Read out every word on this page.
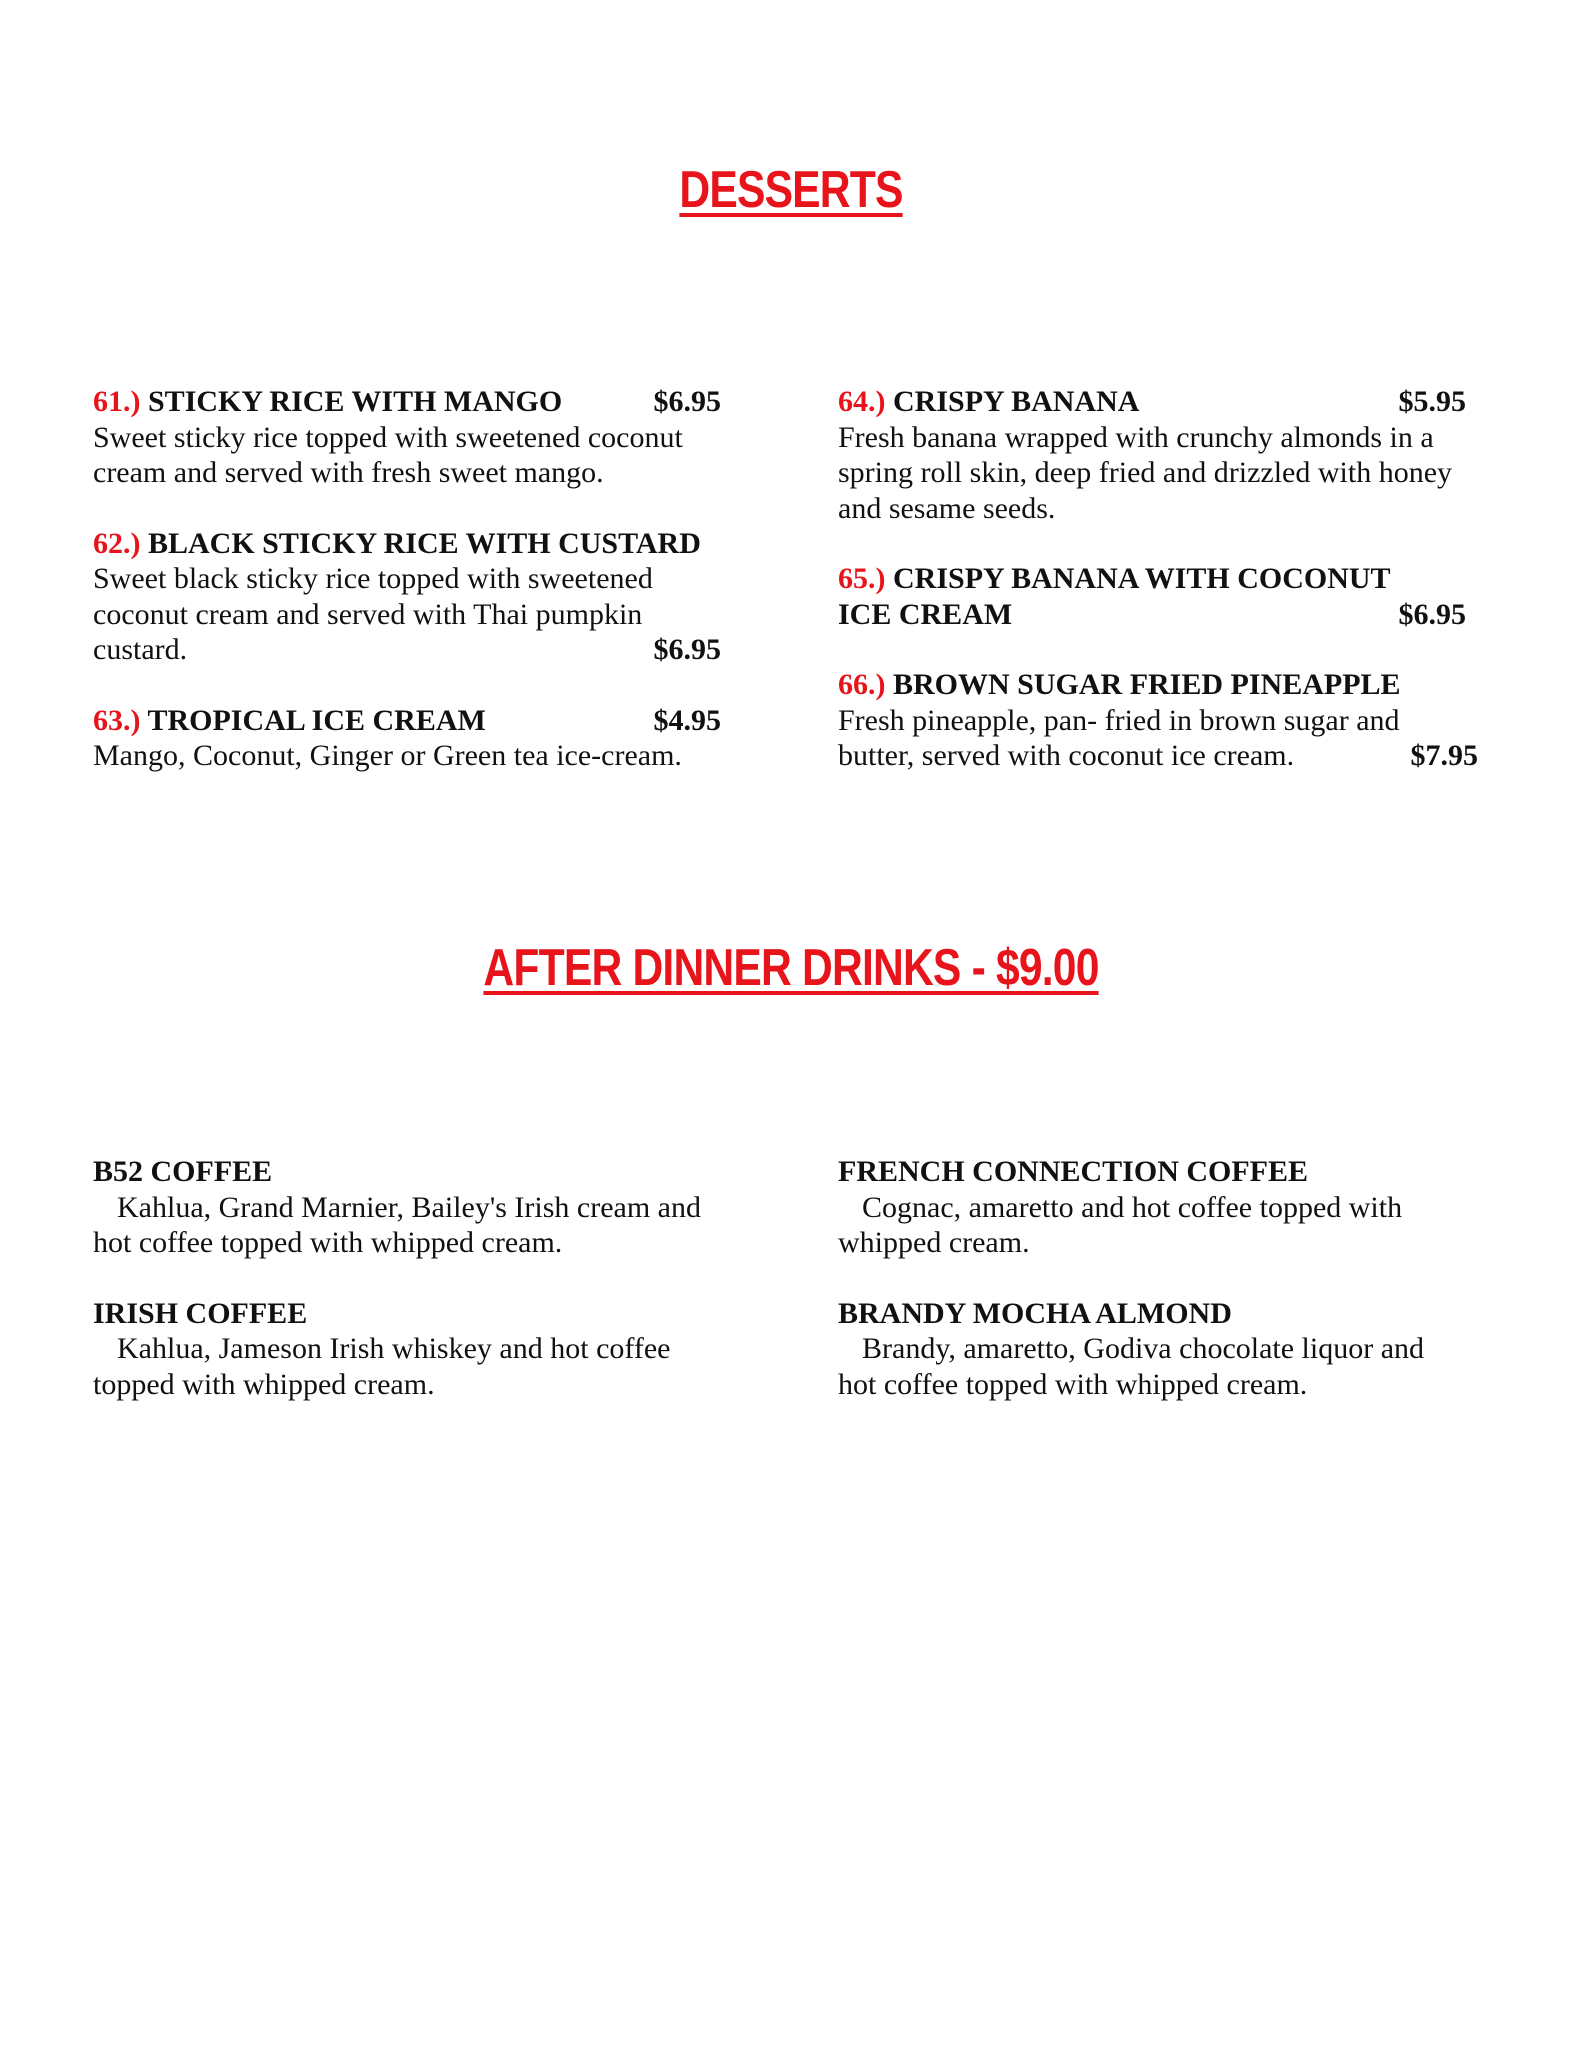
DESSERTS
61.) STICKY RICE WITH MANGO	$6.95
Sweet sticky rice topped with sweetened coconut
cream and served with fresh sweet mango.
62.) BLACK STICKY RICE WITH CUSTARD
Sweet black sticky rice topped with sweetened
coconut cream and served with Thai pumpkin
custard.	$6.95
63.) TROPICAL ICE CREAM	$4.95
Mango, Coconut, Ginger or Green tea ice-cream.
64.) CRISPY BANANA	$5.95
Fresh banana wrapped with crunchy almonds in a
spring roll skin, deep fried and drizzled with honey
and sesame seeds.
65.) CRISPY BANANA WITH COCONUT
ICE CREAM	$6.95
66.) BROWN SUGAR FRIED PINEAPPLE
Fresh pineapple, pan- fried in brown sugar and
butter, served with coconut ice cream.	$7.95
AFTER DINNER DRINKS - $9.00
B52 COFFEE
Kahlua, Grand Marnier, Bailey's Irish cream and
hot coffee topped with whipped cream.
IRISH COFFEE
Kahlua, Jameson Irish whiskey and hot coffee
topped with whipped cream.
FRENCH CONNECTION COFFEE
Cognac, amaretto and hot coffee topped with
whipped cream.
BRANDY MOCHA ALMOND
Brandy, amaretto, Godiva chocolate liquor and
hot coffee topped with whipped cream.
